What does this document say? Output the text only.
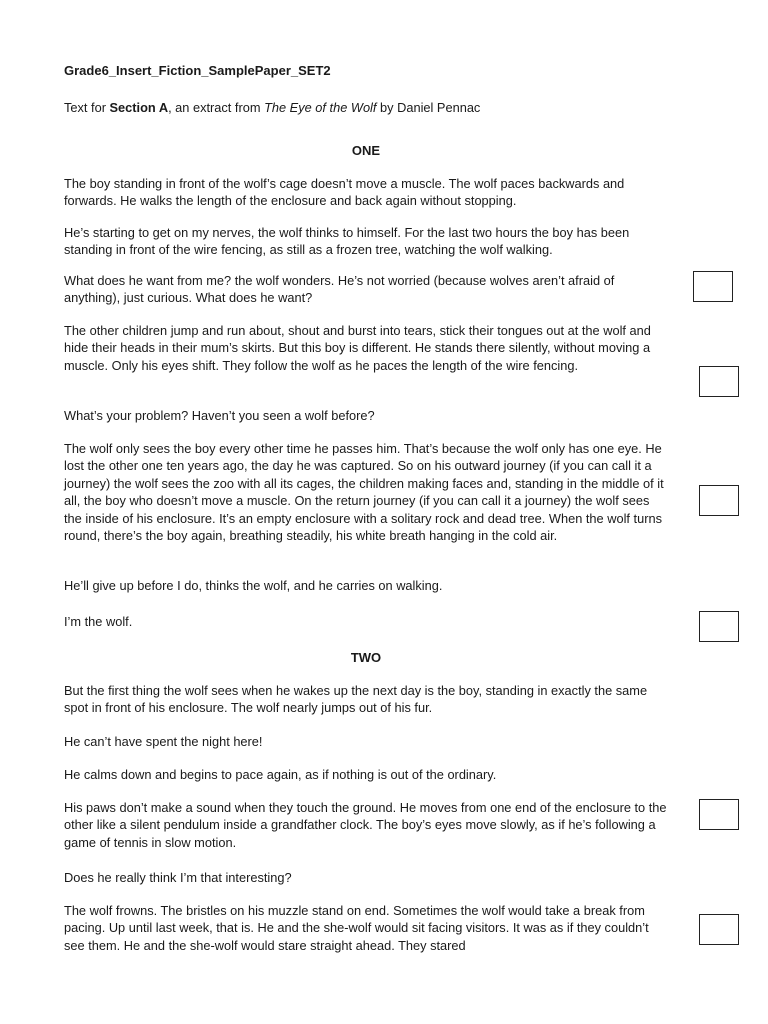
Grade6_Insert_Fiction_SamplePaper_SET2
Text for Section A, an extract from The Eye of the Wolf by Daniel Pennac
ONE

The boy standing in front of the wolf’s cage doesn’t move a muscle. The wolf paces backwards and forwards. He walks the length of the enclosure and back again without stopping.

He’s starting to get on my nerves, the wolf thinks to himself. For the last two hours the boy has been standing in front of the wire fencing, as still as a frozen tree, watching the wolf walking.

What does he want from me? the wolf wonders. He’s not worried (because wolves aren’t afraid of anything), just curious. What does he want?

The other children jump and run about, shout and burst into tears, stick their tongues out at the wolf and hide their heads in their mum’s skirts. But this boy is different. He stands there silently, without moving a muscle. Only his eyes shift. They follow the wolf as he paces the length of the wire fencing.

What’s your problem? Haven’t you seen a wolf before?

The wolf only sees the boy every other time he passes him. That’s because the wolf only has one eye. He lost the other one ten years ago, the day he was captured. So on his outward journey (if you can call it a journey) the wolf sees the zoo with all its cages, the children making faces and, standing in the middle of it all, the boy who doesn’t move a muscle. On the return journey (if you can call it a journey) the wolf sees the inside of his enclosure. It’s an empty enclosure with a solitary rock and dead tree. When the wolf turns round, there’s the boy again, breathing steadily, his white breath hanging in the cold air.

He’ll give up before I do, thinks the wolf, and he carries on walking.

I’m the wolf.

TWO

But the first thing the wolf sees when he wakes up the next day is the boy, standing in exactly the same spot in front of his enclosure. The wolf nearly jumps out of his fur.

He can’t have spent the night here!

He calms down and begins to pace again, as if nothing is out of the ordinary.

His paws don’t make a sound when they touch the ground. He moves from one end of the enclosure to the other like a silent pendulum inside a grandfather clock. The boy’s eyes move slowly, as if he’s following a game of tennis in slow motion.

Does he really think I’m that interesting?

The wolf frowns. The bristles on his muzzle stand on end. Sometimes the wolf would take a break from pacing. Up until last week, that is. He and the she-wolf would sit facing visitors. It was as if they couldn’t see them. He and the she-wolf would stare straight ahead. They stared
